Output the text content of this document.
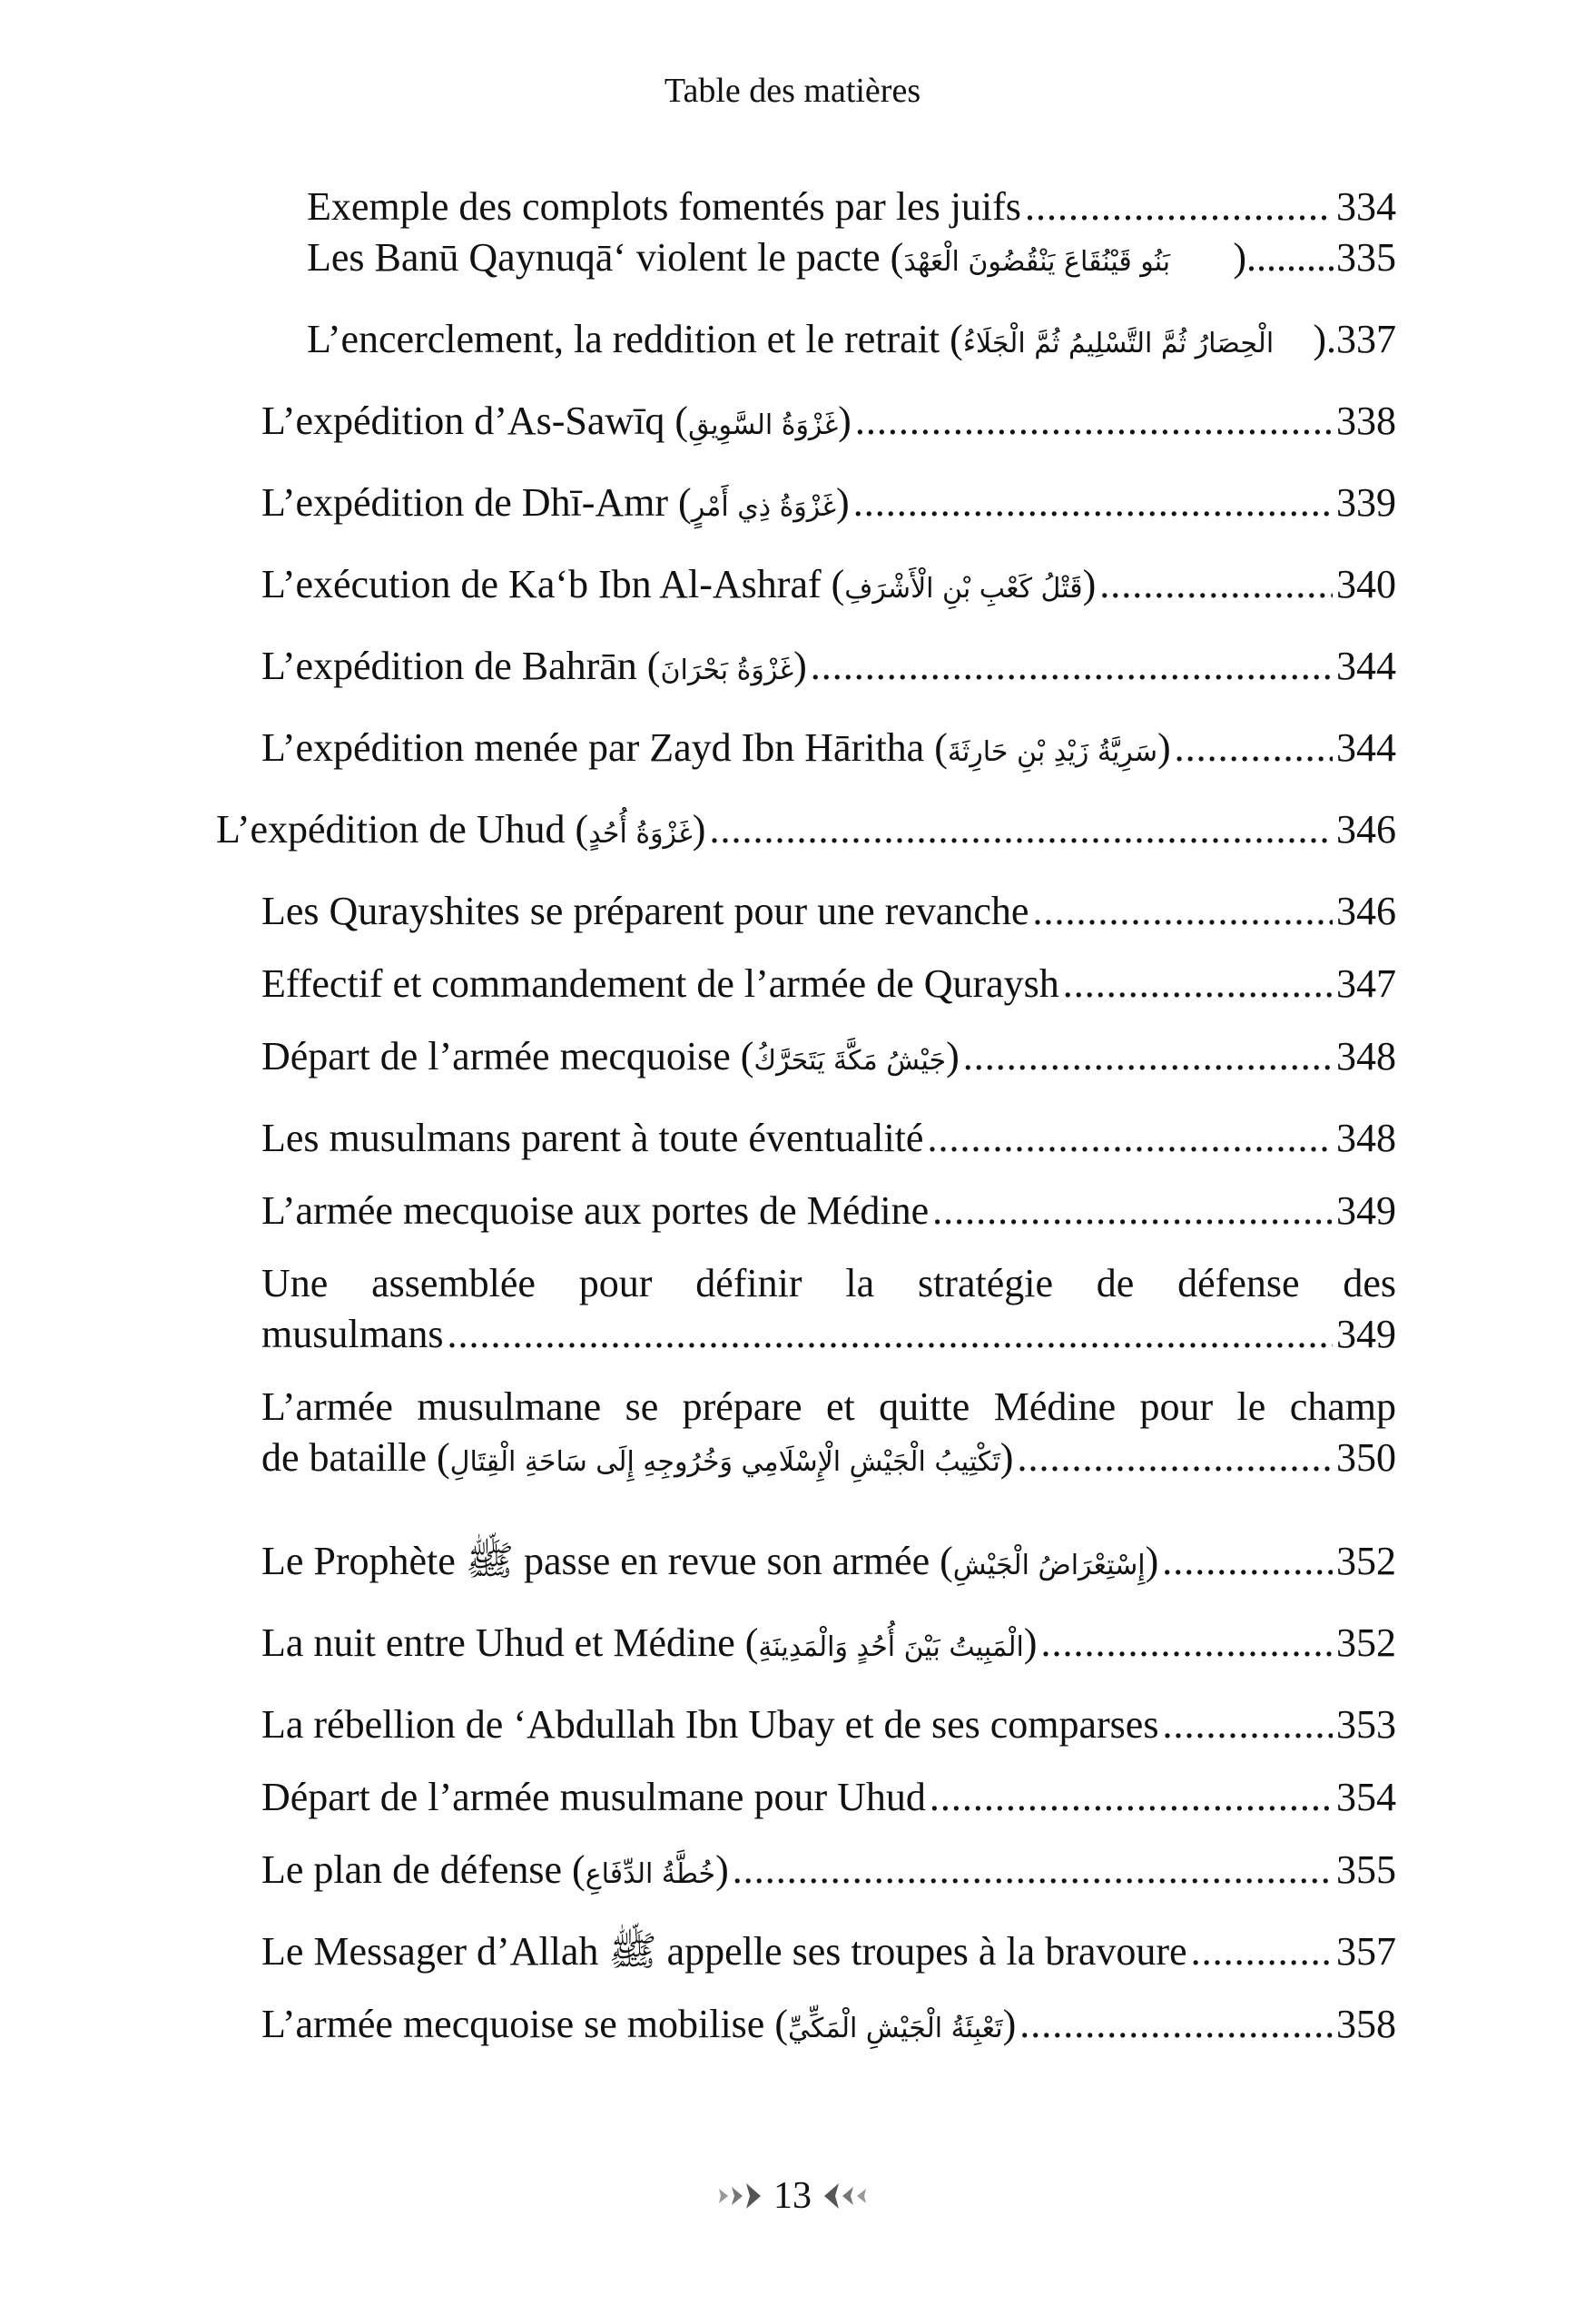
Table des matières
Exemple des complots fomentés par les juifs .....	334
Les Banū Qaynuqā‘ violent le pacte ( بَنُو قَيْنُقَاعَ يَنْقُضُونَ الْعَهْدَ ).........335
L’encerclement, la reddition et le retrait ( الْحِصَارُ ثُمَّ التَّسْلِيمُ ثُمَّ الْجَلَاءُ ).337
L’expédition d’As-Sawīq ( غَزْوَةُ السَّوِيقِ ) .....	338
L’expédition de Dhī-Amr ( غَزْوَةُ ذِي أَمْرٍ ) .....	339
L’exécution de Ka‘b Ibn Al-Ashraf ( قَتْلُ كَعْبِ بْنِ الْأَشْرَفِ ) .....	340
L’expédition de Bahrān ( غَزْوَةُ بَحْرَانَ ) .....	344
L’expédition menée par Zayd Ibn Hāritha ( سَرِيَّةُ زَيْدِ بْنِ حَارِثَةَ ) .....	344
L’expédition de Uhud ( غَزْوَةُ أُحُدٍ ) .....	346
Les Qurayshites se préparent pour une revanche .....	346
Effectif et commandement de l’armée de Quraysh .....	347
Départ de l’armée mecquoise ( جَيْشُ مَكَّةَ يَتَحَرَّكُ ) .....	348
Les musulmans parent à toute éventualité .....	348
L’armée mecquoise aux portes de Médine .....	349
Une assemblée pour définir la stratégie de défense des
musulmans .....	349
L’armée musulmane se prépare et quitte Médine pour le champ
de bataille ( تَكْتِيبُ الْجَيْشِ الْإِسْلَامِي وَخُرُوجِهِ إِلَى سَاحَةِ الْقِتَالِ ) .....	350
Le Prophète ﷺ passe en revue son armée ( إِسْتِعْرَاضُ الْجَيْشِ ) .....	352
La nuit entre Uhud et Médine ( الْمَبِيتُ بَيْنَ أُحُدٍ وَالْمَدِينَةِ ) .....	352
La rébellion de ‘Abdullah Ibn Ubay et de ses comparses .....	353
Départ de l’armée musulmane pour Uhud .....	354
Le plan de défense ( خُطَّةُ الدِّفَاعِ ) .....	355
Le Messager d’Allah ﷺ appelle ses troupes à la bravoure .....	357
L’armée mecquoise se mobilise ( تَعْبِئَةُ الْجَيْشِ الْمَكِّيِّ ) .....	358
13
